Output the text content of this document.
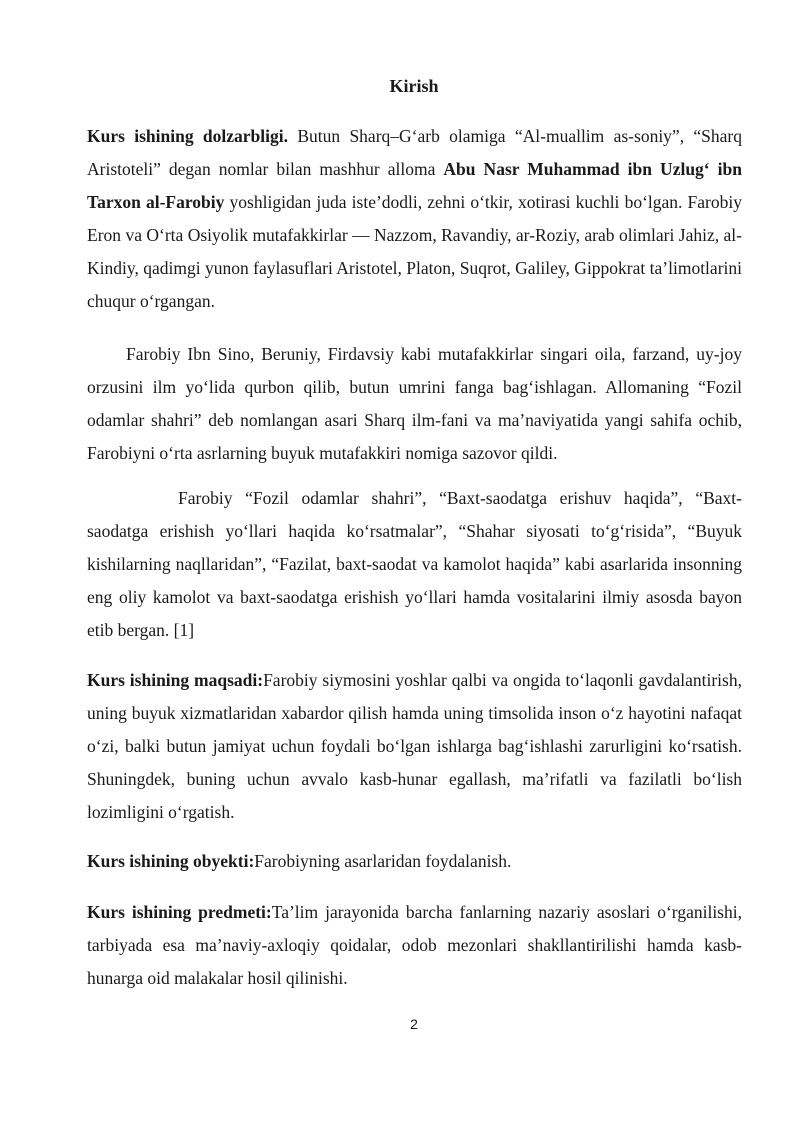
Kirish

Kurs ishining dolzarbligi. Butun Sharq–G‘arb olamiga “Al-muallim as-soniy”, “Sharq Aristoteli” degan nomlar bilan mashhur alloma Abu Nasr Muhammad ibn Uzlug‘ ibn Tarxon al-Farobiy yoshligidan juda iste’dodli, zehni o‘tkir, xotirasi kuchli bo‘lgan. Farobiy Eron va O‘rta Osiyolik mutafakkirlar — Nazzom, Ravandiy, ar-Roziy, arab olimlari Jahiz, al-Kindiy, qadimgi yunon faylasuflari Aristotel, Platon, Suqrot, Galiley, Gippokrat ta’limotlarini chuqur o‘rgangan.

Farobiy Ibn Sino, Beruniy, Firdavsiy kabi mutafakkirlar singari oila, farzand, uy-joy orzusini ilm yo‘lida qurbon qilib, butun umrini fanga bag‘ishlagan. Allomaning “Fozil odamlar shahri” deb nomlangan asari Sharq ilm-fani va ma’naviyatida yangi sahifa ochib, Farobiyni o‘rta asrlarning buyuk mutafakkiri nomiga sazovor qildi.

Farobiy “Fozil odamlar shahri”, “Baxt-saodatga erishuv haqida”, “Baxt-saodatga erishish yo‘llari haqida ko‘rsatmalar”, “Shahar siyosati to‘g‘risida”, “Buyuk kishilarning naqllaridan”, “Fazilat, baxt-saodat va kamolot haqida” kabi asarlarida insonning eng oliy kamolot va baxt-saodatga erishish yo‘llari hamda vositalarini ilmiy asosda bayon etib bergan. [1]

Kurs ishining maqsadi:Farobiy siymosini yoshlar qalbi va ongida to‘laqonli gavdalantirish, uning buyuk xizmatlaridan xabardor qilish hamda uning timsolida inson o‘z hayotini nafaqat o‘zi, balki butun jamiyat uchun foydali bo‘lgan ishlarga bag‘ishlashi zarurligini ko‘rsatish. Shuningdek, buning uchun avvalo kasb-hunar egallash, ma’rifatli va fazilatli bo‘lish lozimligini o‘rgatish.

Kurs ishining obyekti:Farobiyning asarlaridan foydalanish.

Kurs ishining predmeti:Ta’lim jarayonida barcha fanlarning nazariy asoslari o‘rganilishi, tarbiyada esa ma’naviy-axloqiy qoidalar, odob mezonlari shakllantirilishi hamda kasb-hunarga oid malakalar hosil qilinishi.

2
